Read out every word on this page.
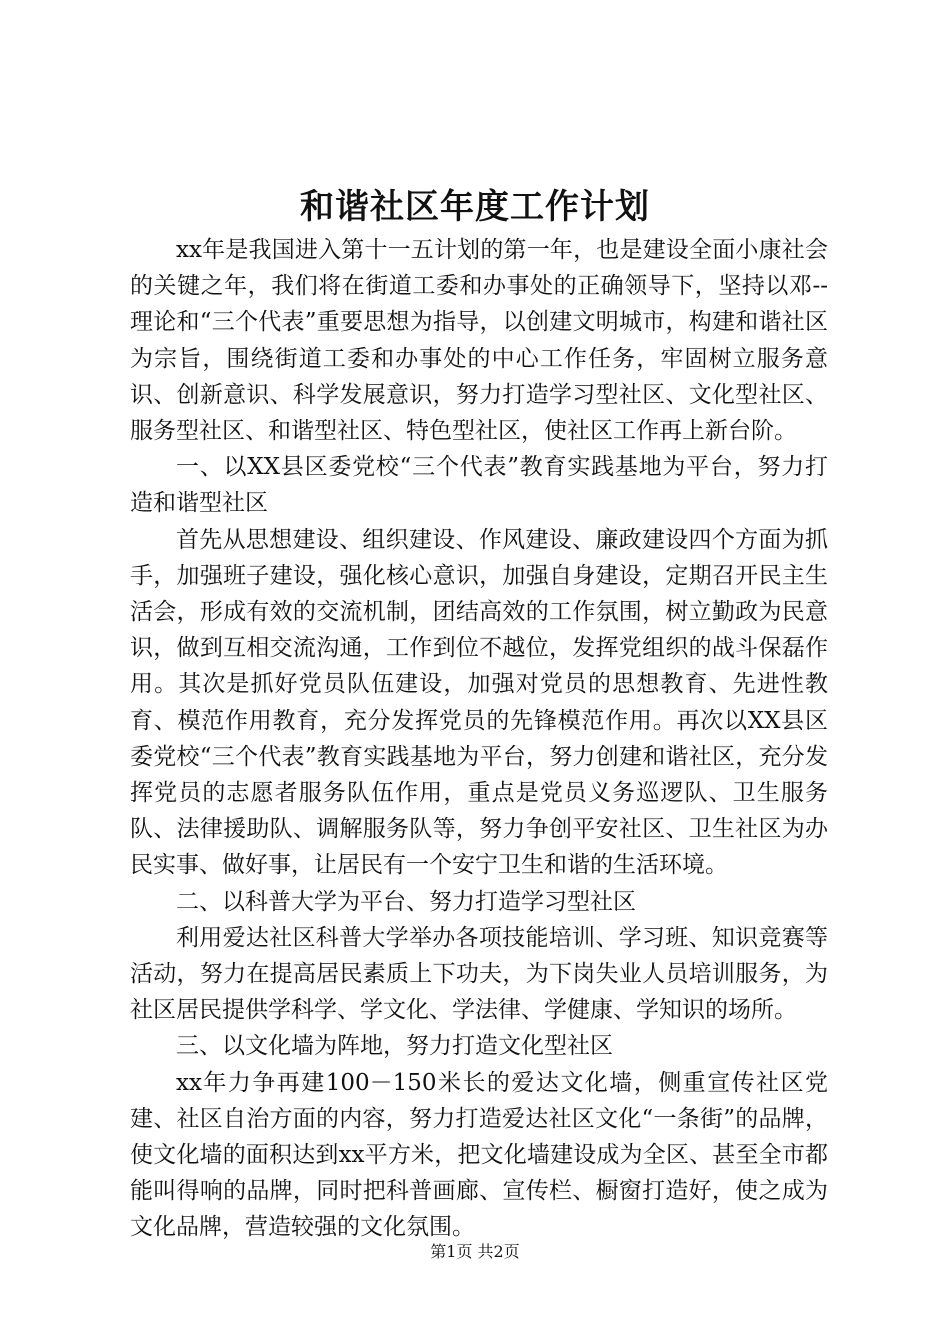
和谐社区年度工作计划

xx年是我国进入第十一五计划的第一年，也是建设全面小康社会的关键之年，我们将在街道工委和办事处的正确领导下，坚持以邓--理论和“三个代表”重要思想为指导，以创建文明城市，构建和谐社区为宗旨，围绕街道工委和办事处的中心工作任务，牢固树立服务意识、创新意识、科学发展意识，努力打造学习型社区、文化型社区、服务型社区、和谐型社区、特色型社区，使社区工作再上新台阶。

一、以XX县区委党校“三个代表”教育实践基地为平台，努力打造和谐型社区

首先从思想建设、组织建设、作风建设、廉政建设四个方面为抓手，加强班子建设，强化核心意识，加强自身建设，定期召开民主生活会，形成有效的交流机制，团结高效的工作氛围，树立勤政为民意识，做到互相交流沟通，工作到位不越位，发挥党组织的战斗保磊作用。其次是抓好党员队伍建设，加强对党员的思想教育、先进性教育、模范作用教育，充分发挥党员的先锋模范作用。再次以XX县区委党校“三个代表”教育实践基地为平台，努力创建和谐社区，充分发挥党员的志愿者服务队伍作用，重点是党员义务巡逻队、卫生服务队、法律援助队、调解服务队等，努力争创平安社区、卫生社区为办民实事、做好事，让居民有一个安宁卫生和谐的生活环境。

二、以科普大学为平台、努力打造学习型社区

利用爱达社区科普大学举办各项技能培训、学习班、知识竞赛等活动，努力在提高居民素质上下功夫，为下岗失业人员培训服务，为社区居民提供学科学、学文化、学法律、学健康、学知识的场所。

三、以文化墙为阵地，努力打造文化型社区

xx年力争再建100－150米长的爱达文化墙，侧重宣传社区党建、社区自治方面的内容，努力打造爱达社区文化“一条街”的品牌，使文化墙的面积达到xx平方米，把文化墙建设成为全区、甚至全市都能叫得响的品牌，同时把科普画廊、宣传栏、橱窗打造好，使之成为文化品牌，营造较强的文化氛围。

第1页 共2页
